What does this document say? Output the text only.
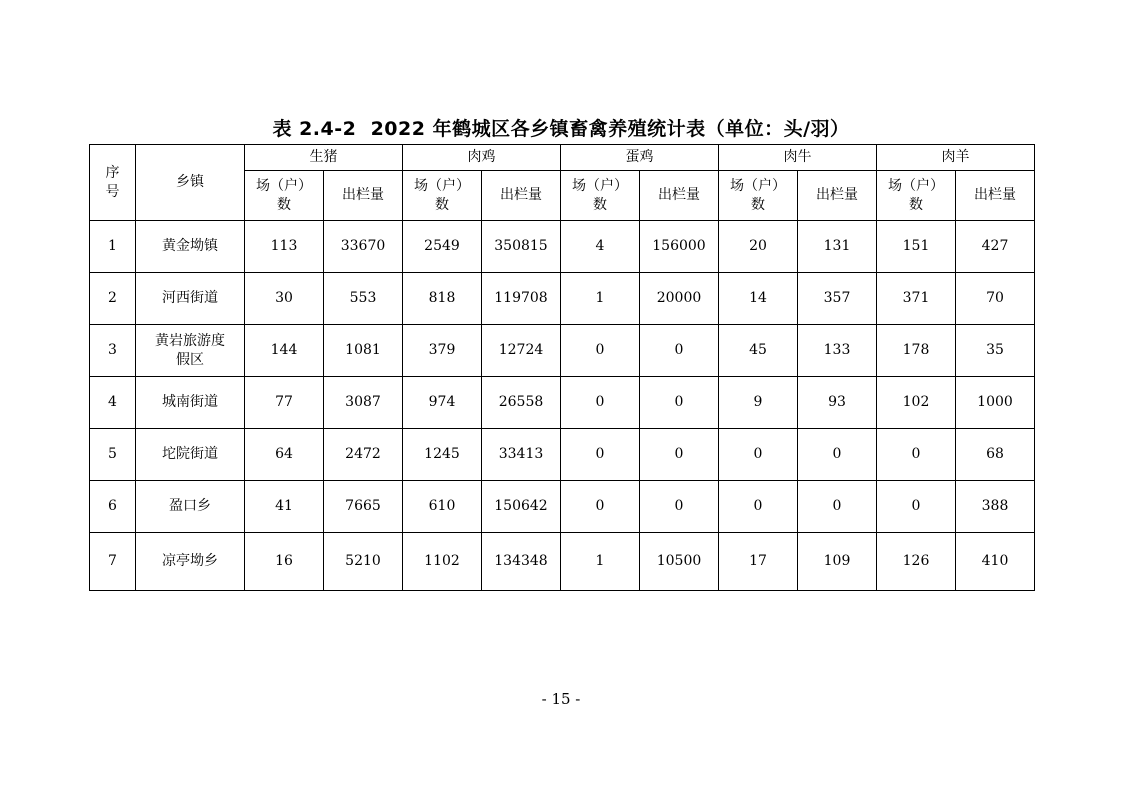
表 2.4-2  2022 年鹤城区各乡镇畜禽养殖统计表（单位：头/羽）
序号	乡镇	生猪		肉鸡		蛋鸡		肉牛		肉羊	
		场（户）数	出栏量	场（户）数	出栏量	场（户）数	出栏量	场（户）数	出栏量	场（户）数	出栏量
1	黄金坳镇	113	33670	2549	350815	4	156000	20	131	151	427
2	河西街道	30	553	818	119708	1	20000	14	357	371	70
3	黄岩旅游度假区	144	1081	379	12724	0	0	45	133	178	35
4	城南街道	77	3087	974	26558	0	0	9	93	102	1000
5	坨院街道	64	2472	1245	33413	0	0	0	0	0	68
6	盈口乡	41	7665	610	150642	0	0	0	0	0	388
7	凉亭坳乡	16	5210	1102	134348	1	10500	17	109	126	410
- 15 -
